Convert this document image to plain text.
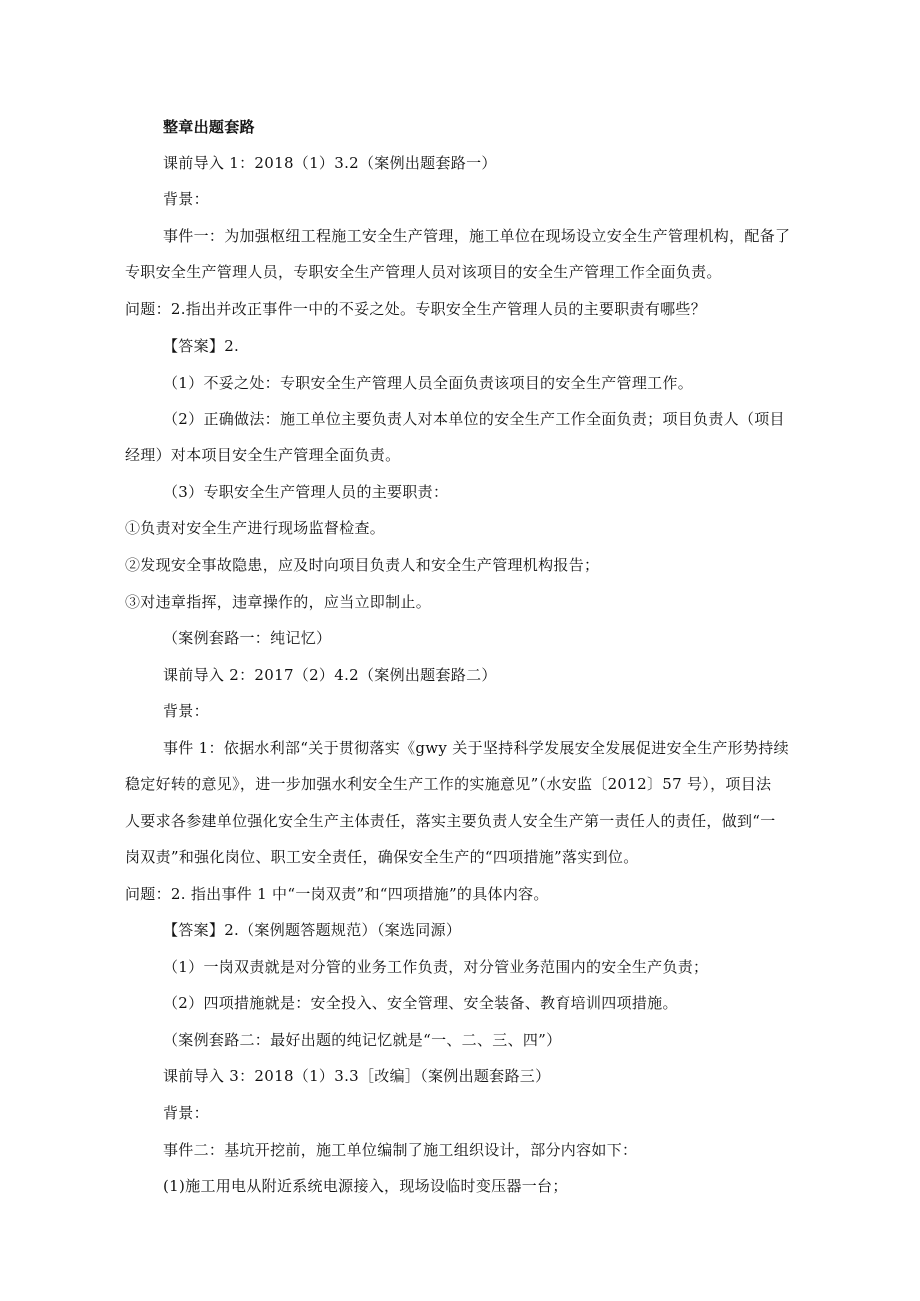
整章出题套路
课前导入 1：2018（1）3.2（案例出题套路一）
背景：
事件一：为加强枢纽工程施工安全生产管理，施工单位在现场设立安全生产管理机构，配备了
专职安全生产管理人员，专职安全生产管理人员对该项目的安全生产管理工作全面负责。
问题：2.指出并改正事件一中的不妥之处。专职安全生产管理人员的主要职责有哪些？
【答案】2.
（1）不妥之处：专职安全生产管理人员全面负责该项目的安全生产管理工作。
（2）正确做法：施工单位主要负责人对本单位的安全生产工作全面负责；项目负责人（项目
经理）对本项目安全生产管理全面负责。
（3）专职安全生产管理人员的主要职责：
①负责对安全生产进行现场监督检查。
②发现安全事故隐患，应及时向项目负责人和安全生产管理机构报告；
③对违章指挥，违章操作的，应当立即制止。
（案例套路一：纯记忆）
课前导入 2：2017（2）4.2（案例出题套路二）
背景：
事件 1：依据水利部“关于贯彻落实《gwy 关于坚持科学发展安全发展促进安全生产形势持续
稳定好转的意见》，进一步加强水利安全生产工作的实施意见”（水安监〔2012〕57 号），项目法
人要求各参建单位强化安全生产主体责任，落实主要负责人安全生产第一责任人的责任，做到“一
岗双责”和强化岗位、职工安全责任，确保安全生产的“四项措施”落实到位。
问题：2. 指出事件 1 中“一岗双责”和“四项措施”的具体内容。
【答案】2.（案例题答题规范）（案选同源）
（1）一岗双责就是对分管的业务工作负责，对分管业务范围内的安全生产负责；
（2）四项措施就是：安全投入、安全管理、安全装备、教育培训四项措施。
（案例套路二：最好出题的纯记忆就是“一、二、三、四”）
课前导入 3：2018（1）3.3［改编］（案例出题套路三）
背景：
事件二：基坑开挖前，施工单位编制了施工组织设计，部分内容如下：
(1)施工用电从附近系统电源接入，现场设临时变压器一台；
